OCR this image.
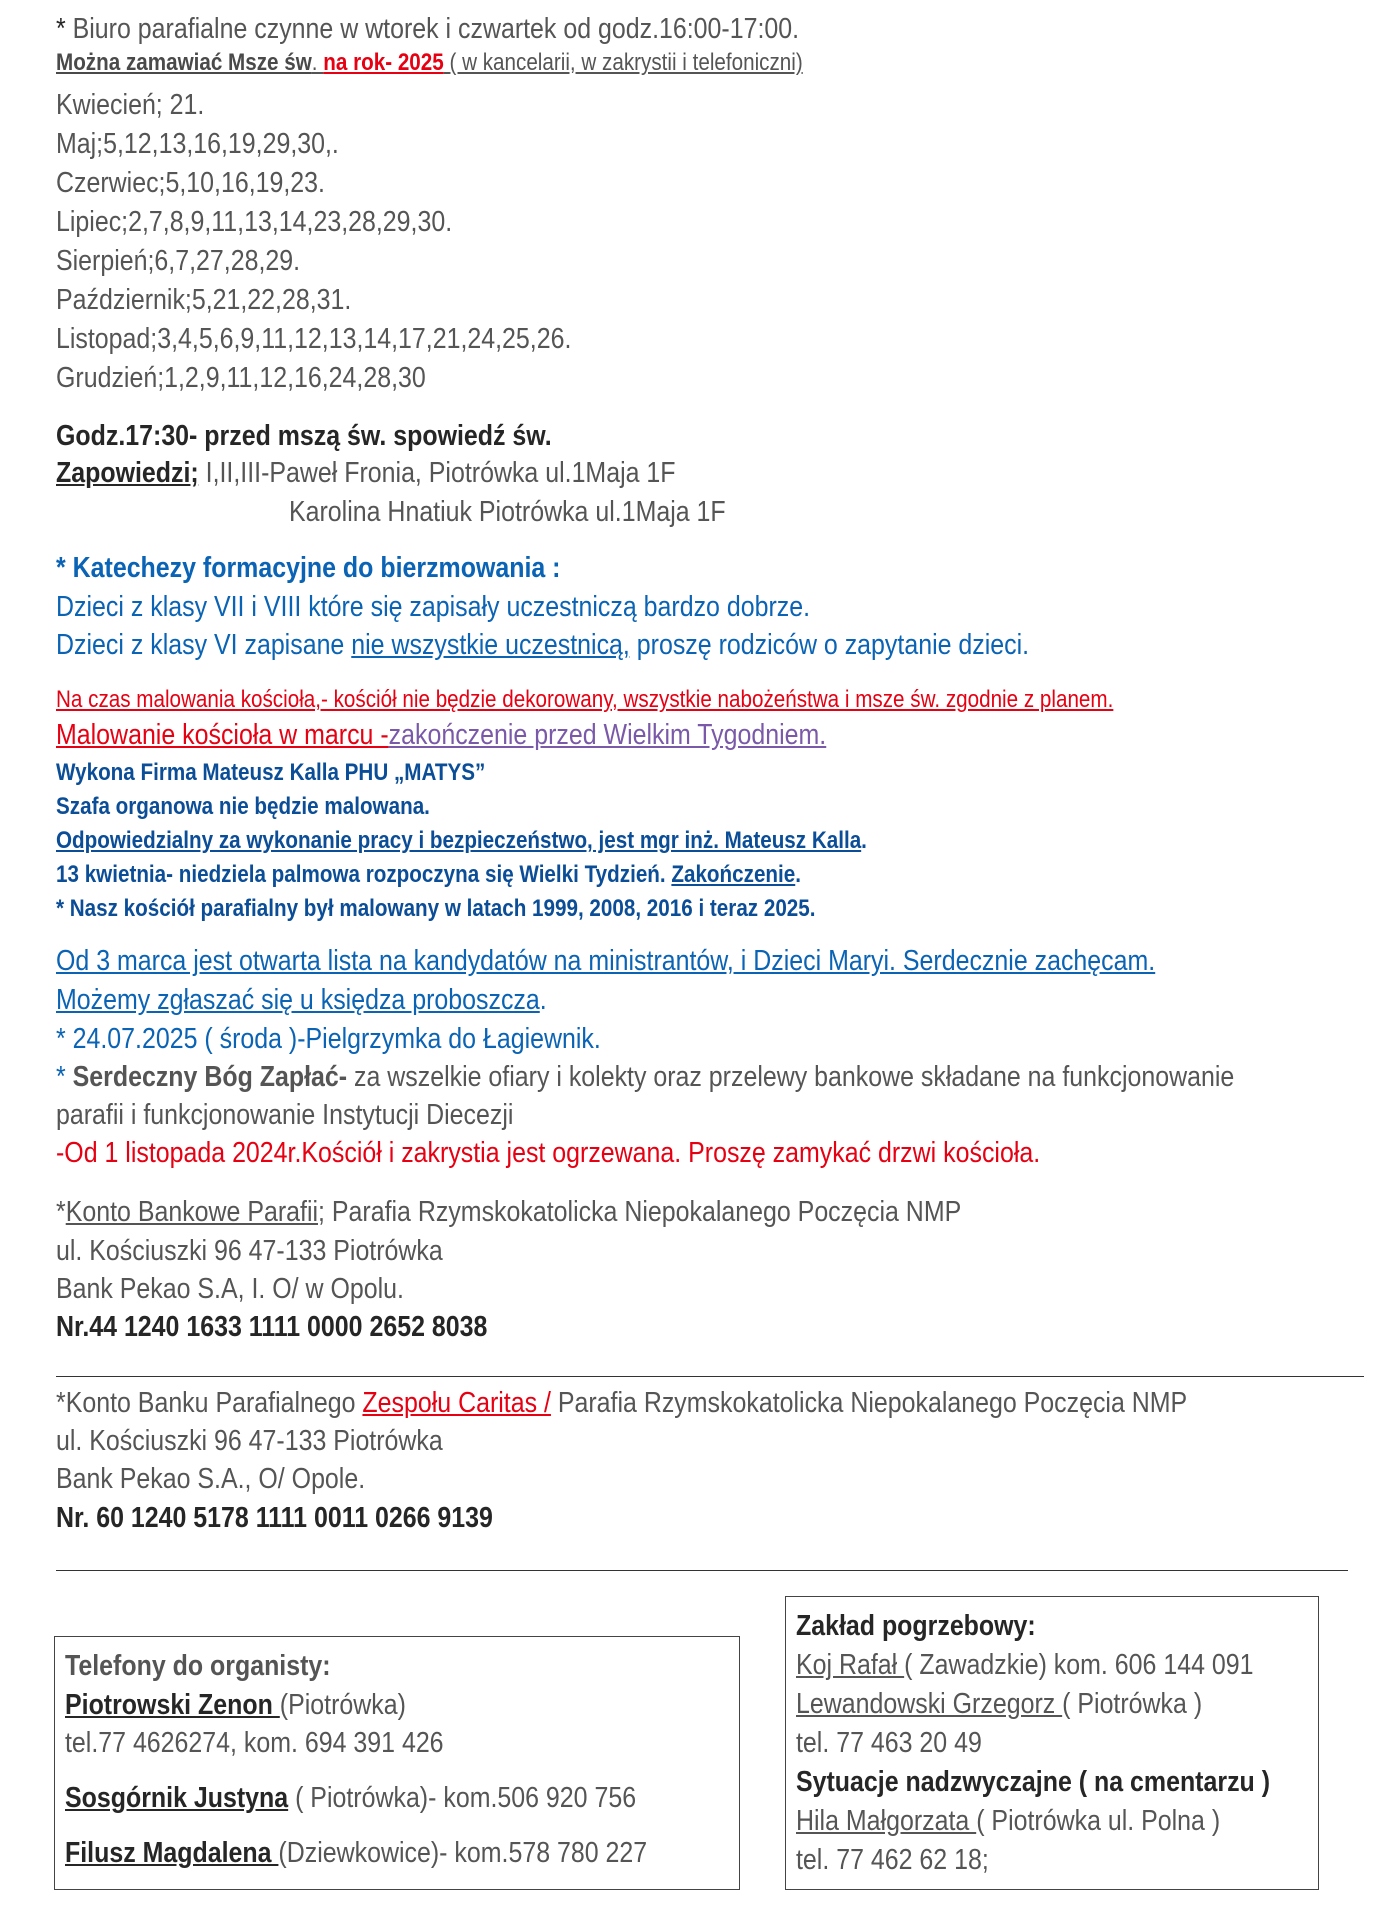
* Biuro parafialne czynne w wtorek i czwartek od godz.16:00-17:00.
Można zamawiać Msze św. na rok- 2025 ( w kancelarii, w zakrystii i telefoniczni)
Kwiecień; 21.
Maj;5,12,13,16,19,29,30,.
Czerwiec;5,10,16,19,23.
Lipiec;2,7,8,9,11,13,14,23,28,29,30.
Sierpień;6,7,27,28,29.
Październik;5,21,22,28,31.
Listopad;3,4,5,6,9,11,12,13,14,17,21,24,25,26.
Grudzień;1,2,9,11,12,16,24,28,30
Godz.17:30- przed mszą św. spowiedź św.
Zapowiedzi; I,II,III-Paweł Fronia, Piotrówka ul.1Maja 1F
Karolina Hnatiuk Piotrówka ul.1Maja 1F
* Katechezy formacyjne do bierzmowania :
Dzieci z klasy VII i VIII które się zapisały uczestniczą bardzo dobrze.
Dzieci z klasy VI zapisane nie wszystkie uczestnicą, proszę rodziców o zapytanie dzieci.
Na czas malowania kościoła,- kościół nie będzie dekorowany, wszystkie nabożeństwa i msze św. zgodnie z planem.
Malowanie kościoła w marcu -zakończenie przed Wielkim Tygodniem.
Wykona Firma Mateusz Kalla PHU „MATYS”
Szafa organowa nie będzie malowana.
Odpowiedzialny za wykonanie pracy i bezpieczeństwo, jest mgr inż. Mateusz Kalla.
13 kwietnia- niedziela palmowa rozpoczyna się Wielki Tydzień. Zakończenie.
* Nasz kościół parafialny był malowany w latach 1999, 2008, 2016 i teraz 2025.
Od 3 marca jest otwarta lista na kandydatów na ministrantów, i Dzieci Maryi. Serdecznie zachęcam.
Możemy zgłaszać się u księdza proboszcza.
* 24.07.2025 ( środa )-Pielgrzymka do Łagiewnik.
* Serdeczny Bóg Zapłać- za wszelkie ofiary i kolekty oraz przelewy bankowe składane na funkcjonowanie
parafii i funkcjonowanie Instytucji Diecezji
-Od 1 listopada 2024r.Kościół i zakrystia jest ogrzewana. Proszę zamykać drzwi kościoła.
*Konto Bankowe Parafii; Parafia Rzymskokatolicka Niepokalanego Poczęcia NMP
ul. Kościuszki 96 47-133 Piotrówka
Bank Pekao S.A, I. O/ w Opolu.
Nr.44 1240 1633 1111 0000 2652 8038
*Konto Banku Parafialnego Zespołu Caritas / Parafia Rzymskokatolicka Niepokalanego Poczęcia NMP
ul. Kościuszki 96 47-133 Piotrówka
Bank Pekao S.A., O/ Opole.
Nr. 60 1240 5178 1111 0011 0266 9139
Telefony do organisty:
Piotrowski Zenon (Piotrówka)
tel.77 4626274, kom. 694 391 426
Sosgórnik Justyna ( Piotrówka)- kom.506 920 756
Filusz Magdalena (Dziewkowice)- kom.578 780 227
Zakład pogrzebowy:
Koj Rafał ( Zawadzkie) kom. 606 144 091
Lewandowski Grzegorz ( Piotrówka )
tel. 77 463 20 49
Sytuacje nadzwyczajne ( na cmentarzu )
Hila Małgorzata ( Piotrówka ul. Polna )
tel. 77 462 62 18;
